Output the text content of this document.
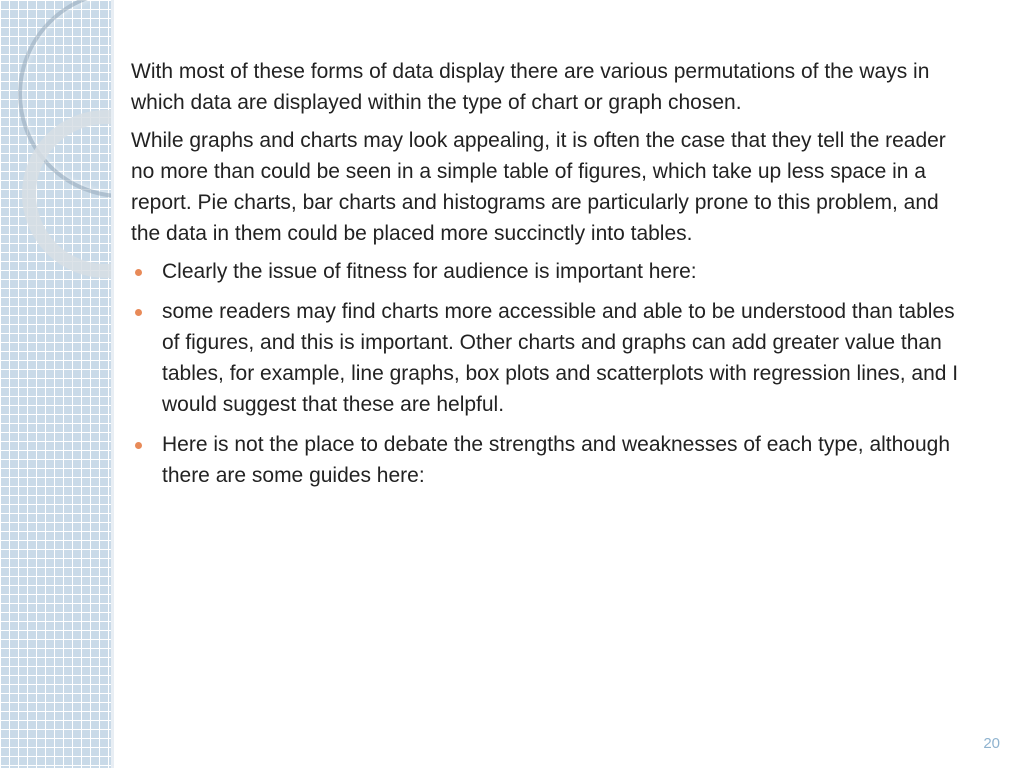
With most of these forms of data display there are various permutations of the ways in which data are displayed within the type of chart or graph chosen.

While graphs and charts may look appealing, it is often the case that they tell the reader no more than could be seen in a simple table of figures, which take up less space in a report. Pie charts, bar charts and histograms are particularly prone to this problem, and the data in them could be placed more succinctly into tables.

Clearly the issue of fitness for audience is important here:
some readers may find charts more accessible and able to be understood than tables of figures, and this is important. Other charts and graphs can add greater value than tables, for example, line graphs, box plots and scatterplots with regression lines, and I would suggest that these are helpful.
Here is not the place to debate the strengths and weaknesses of each type, although there are some guides here:
20
